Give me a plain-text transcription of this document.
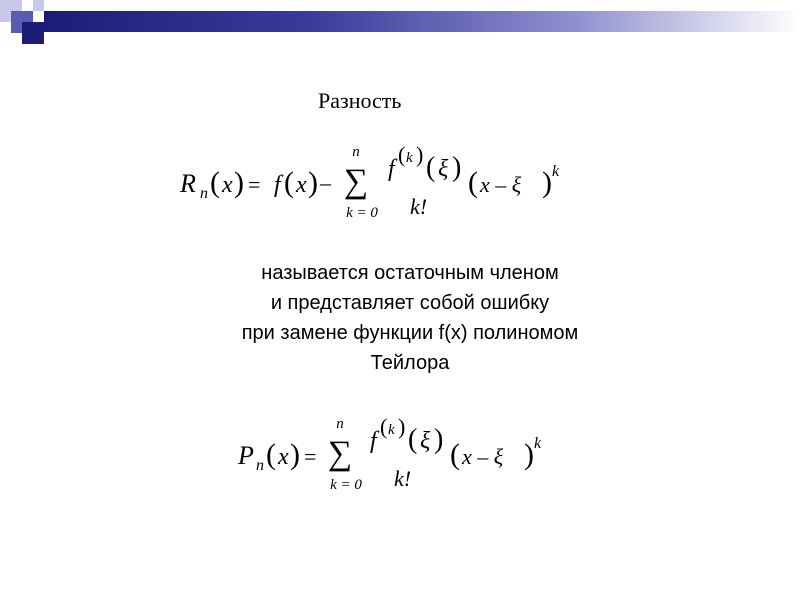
Разность
R n ( x ) = f ( x ) –
n
∑
k = 0
f
( k ) ( ξ )
k!
( x – ξ ) k
называется остаточным членом
и представляет собой ошибку
при замене функции f(x) полиномом
Тейлора
P n ( x ) =
n
∑
k = 0
f
( k ) ( ξ )
k!
( x – ξ ) k
